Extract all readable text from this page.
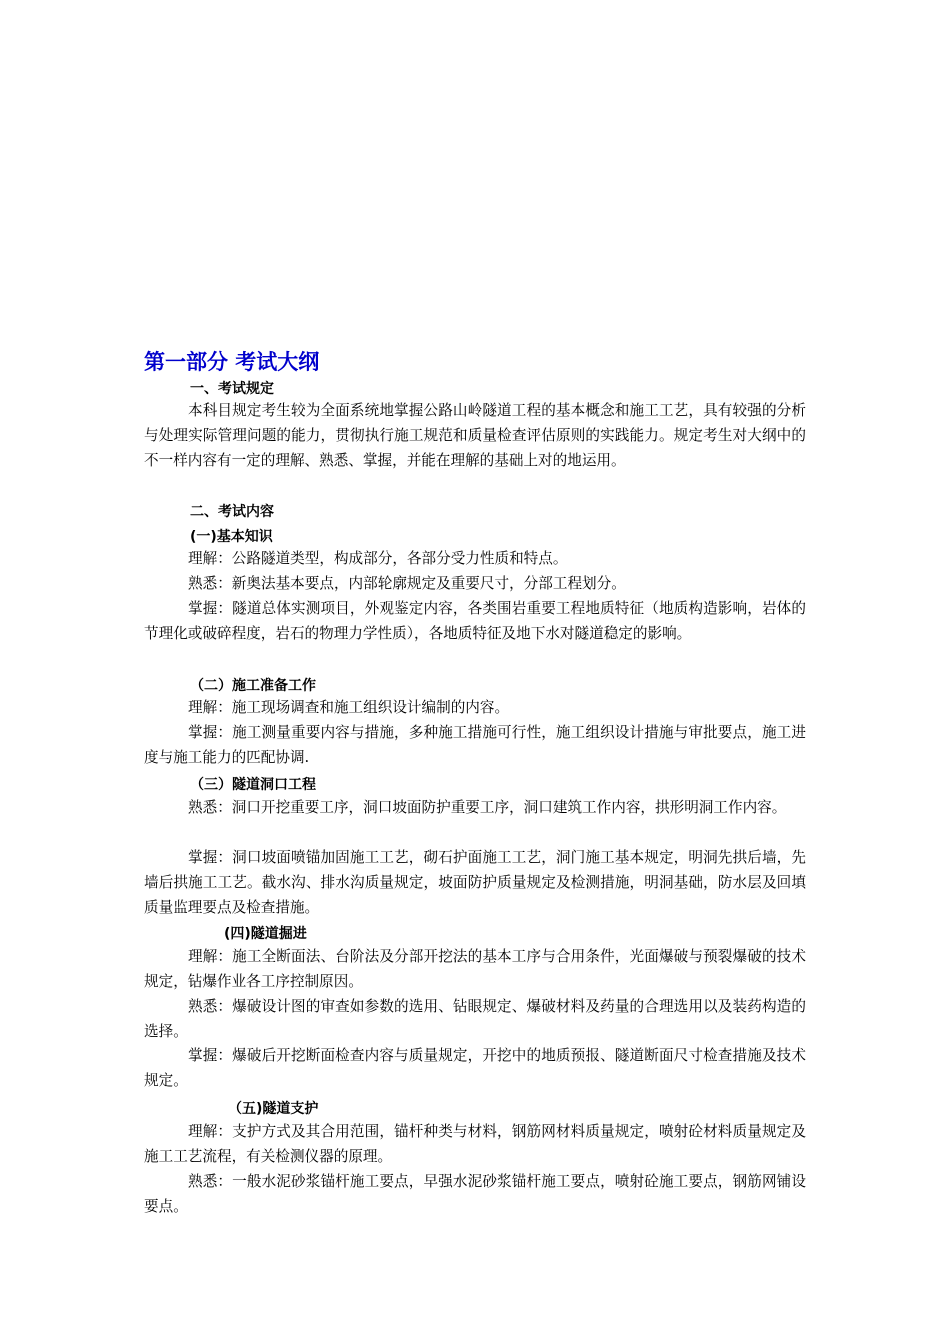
第一部分 考试大纲
一、考试规定

本科目规定考生较为全面系统地掌握公路山岭隧道工程的基本概念和施工工艺，具有较强的分析与处理实际管理问题的能力，贯彻执行施工规范和质量检查评估原则的实践能力。规定考生对大纲中的不一样内容有一定的理解、熟悉、掌握，并能在理解的基础上对的地运用。

二、考试内容
(一)基本知识

理解：公路隧道类型，构成部分，各部分受力性质和特点。

熟悉：新奥法基本要点，内部轮廓规定及重要尺寸，分部工程划分。

掌握：隧道总体实测项目，外观鉴定内容，各类围岩重要工程地质特征（地质构造影响，岩体的节理化或破碎程度，岩石的物理力学性质），各地质特征及地下水对隧道稳定的影响。

（二）施工准备工作

理解：施工现场调查和施工组织设计编制的内容。

掌握：施工测量重要内容与措施，多种施工措施可行性，施工组织设计措施与审批要点，施工进度与施工能力的匹配协调.

（三）隧道洞口工程

熟悉：洞口开挖重要工序，洞口坡面防护重要工序，洞口建筑工作内容，拱形明洞工作内容。

掌握：洞口坡面喷锚加固施工工艺，砌石护面施工工艺，洞门施工基本规定，明洞先拱后墙，先墙后拱施工工艺。截水沟、排水沟质量规定，坡面防护质量规定及检测措施，明洞基础，防水层及回填质量监理要点及检查措施。

(四)隧道掘进

理解：施工全断面法、台阶法及分部开挖法的基本工序与合用条件，光面爆破与预裂爆破的技术规定，钻爆作业各工序控制原因。

熟悉：爆破设计图的审查如参数的选用、钻眼规定、爆破材料及药量的合理选用以及装药构造的选择。

掌握：爆破后开挖断面检查内容与质量规定，开挖中的地质预报、隧道断面尺寸检查措施及技术规定。

（五)隧道支护

理解：支护方式及其合用范围，锚杆种类与材料，钢筋网材料质量规定，喷射砼材料质量规定及施工工艺流程，有关检测仪器的原理。

熟悉：一般水泥砂浆锚杆施工要点，早强水泥砂浆锚杆施工要点，喷射砼施工要点，钢筋网铺设要点。
